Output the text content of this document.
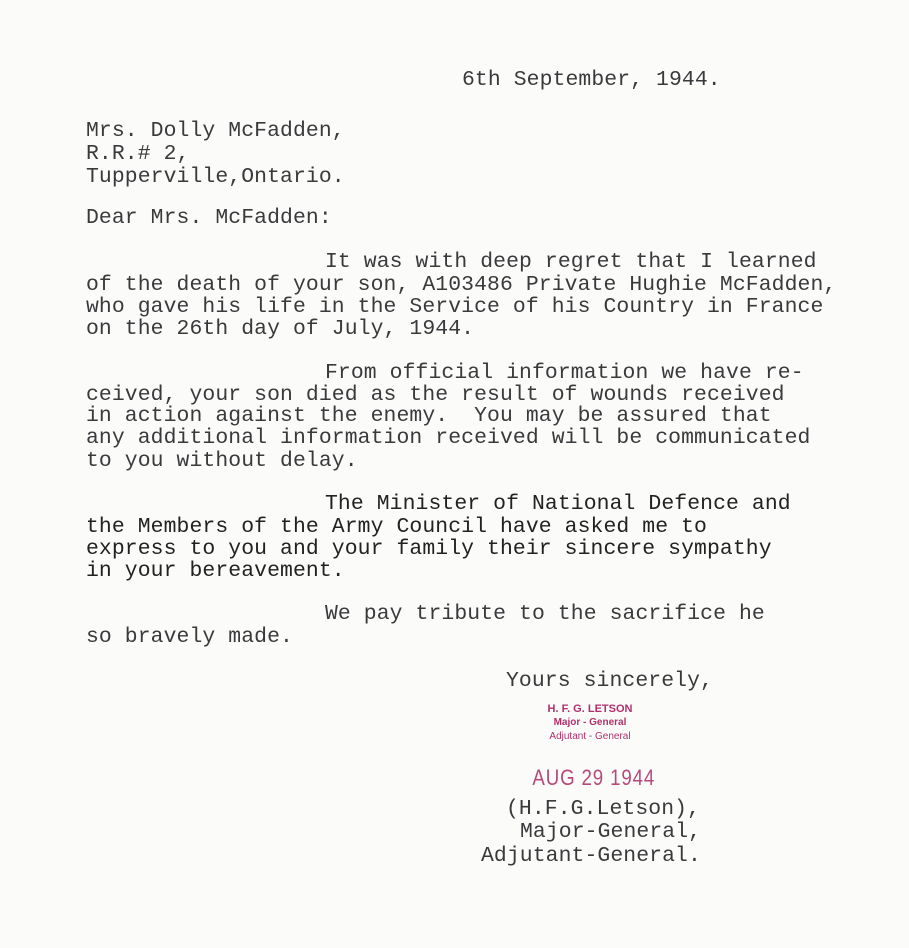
6th September, 1944.
Mrs. Dolly McFadden,
R.R.# 2,
Tupperville,Ontario.
Dear Mrs. McFadden:
It was with deep regret that I learned
of the death of your son, A103486 Private Hughie McFadden,
who gave his life in the Service of his Country in France
on the 26th day of July, 1944.
From official information we have re-
ceived, your son died as the result of wounds received
in action against the enemy.  You may be assured that
any additional information received will be communicated
to you without delay.
The Minister of National Defence and
the Members of the Army Council have asked me to
express to you and your family their sincere sympathy
in your bereavement.
We pay tribute to the sacrifice he
so bravely made.
Yours sincerely,
H. F. G. LETSON
Major - General
Adjutant - General
AUG 29 1944
(H.F.G.Letson),
Major-General,
Adjutant-General.
